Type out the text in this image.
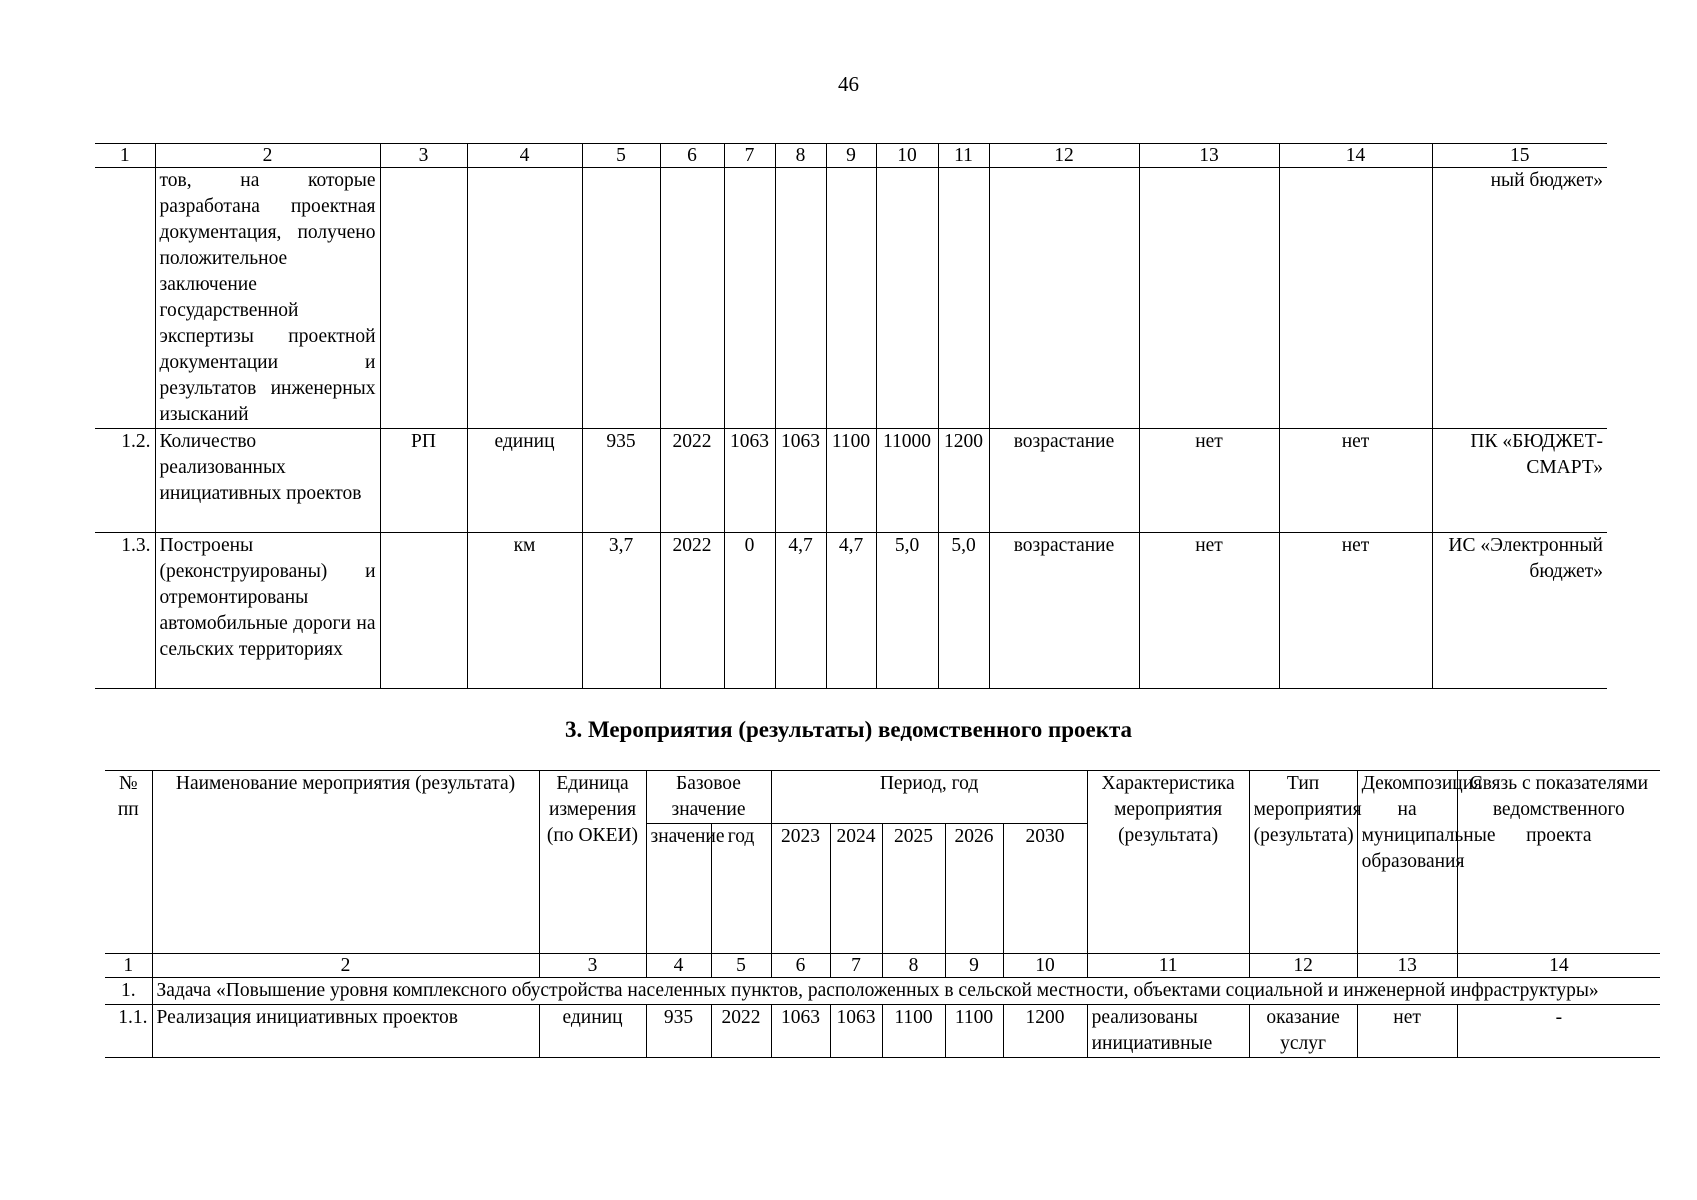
46
1	2	3	4	5	6	7	8	9	10	11	12	13	14	15
	тов, на которые разработана проектная документация, получено положительное заключение государственной экспертизы проектной документации и результатов инженерных изысканий													ный бюджет»
1.2.	Количество реализованных инициативных проектов	РП	единиц	935	2022	1063	1063	1100	11000	1200	возрастание	нет	нет	ПК «БЮДЖЕТ-СМАРТ»
1.3.	Построены (реконструированы) и отремонтированы автомобильные дороги на сельских территориях		км	3,7	2022	0	4,7	4,7	5,0	5,0	возрастание	нет	нет	ИС «Электронный бюджет»
3. Мероприятия (результаты) ведомственного проекта
№ пп	Наименование мероприятия (результата)	Единица измерения (по ОКЕИ)	Базовое значение		Период, год					Характеристика мероприятия (результата)	Тип мероприятия (результата)	Декомпозиция на муниципальные образования	Связь с показателями ведомственного проекта
			значение	год	2023	2024	2025	2026	2030				

1	2	3	4	5	6	7	8	9	10	11	12	13	14
1.	Задача «Повышение уровня комплексного обустройства населенных пунктов, расположенных в сельской местности, объектами социальной и инженерной инфраструктуры»												
1.1.	Реализация инициативных проектов	единиц	935	2022	1063	1063	1100	1100	1200	реализованы инициативные	оказание услуг	нет	-
